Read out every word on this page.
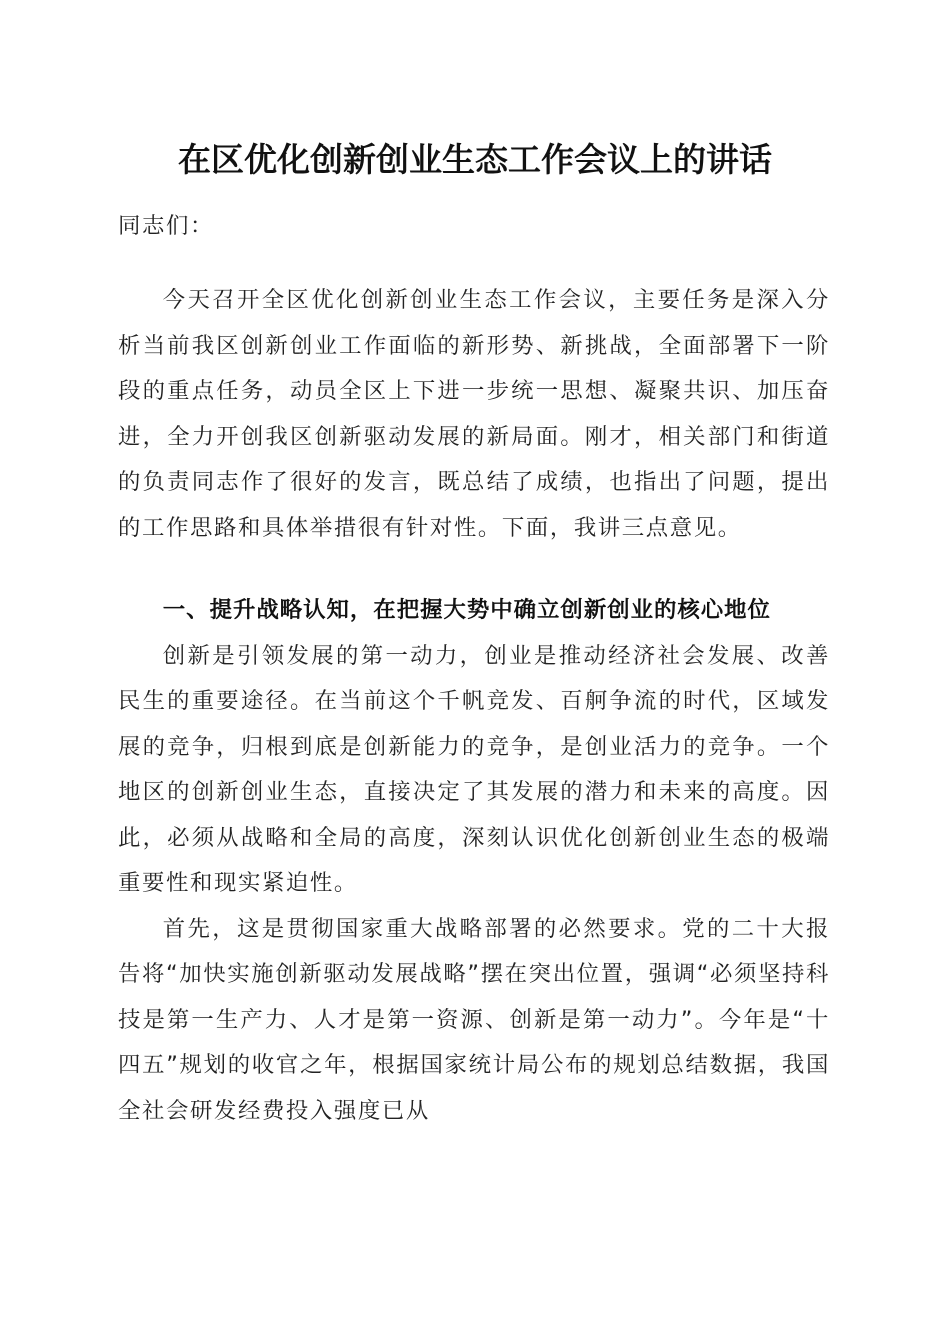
在区优化创新创业生态工作会议上的讲话
同志们：

今天召开全区优化创新创业生态工作会议，主要任务是深入分析当前我区创新创业工作面临的新形势、新挑战，全面部署下一阶段的重点任务，动员全区上下进一步统一思想、凝聚共识、加压奋进，全力开创我区创新驱动发展的新局面。刚才，相关部门和街道的负责同志作了很好的发言，既总结了成绩，也指出了问题，提出的工作思路和具体举措很有针对性。下面，我讲三点意见。

一、提升战略认知，在把握大势中确立创新创业的核心地位

创新是引领发展的第一动力，创业是推动经济社会发展、改善民生的重要途径。在当前这个千帆竞发、百舸争流的时代，区域发展的竞争，归根到底是创新能力的竞争，是创业活力的竞争。一个地区的创新创业生态，直接决定了其发展的潜力和未来的高度。因此，必须从战略和全局的高度，深刻认识优化创新创业生态的极端重要性和现实紧迫性。

首先，这是贯彻国家重大战略部署的必然要求。党的二十大报告将“加快实施创新驱动发展战略”摆在突出位置，强调“必须坚持科技是第一生产力、人才是第一资源、创新是第一动力”。今年是“十四五”规划的收官之年，根据国家统计局公布的规划总结数据，我国全社会研发经费投入强度已从
